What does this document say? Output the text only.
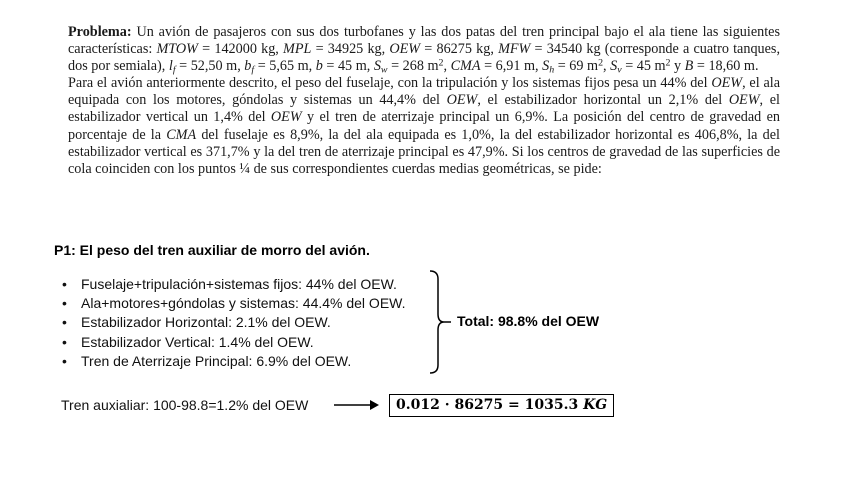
Problema: Un avión de pasajeros con sus dos turbofanes y las dos patas del tren principal bajo el ala tiene las siguientes características: MTOW = 142000 kg, MPL = 34925 kg, OEW = 86275 kg, MFW = 34540 kg (corresponde a cuatro tanques, dos por semiala), $l_f = 52,50$ m, $b_f = 5,65$ m, b = 45 m, $S_w = 268$ $m^2$, CMA = 6,91 m, $S_h = 69$ $m^2$, $S_v = 45$ $m^2$ y B = 18,60 m.

Para el avión anteriormente descrito, el peso del fuselaje, con la tripulación y los sistemas fijos pesa un 44% del OEW, el ala equipada con los motores, góndolas y sistemas un 44,4% del OEW, el estabilizador horizontal un 2,1% del OEW, el estabilizador vertical un 1,4% del OEW y el tren de aterrizaje principal un 6,9%. La posición del centro de gravedad en porcentaje de la CMA del fuselaje es 8,9%, la del ala equipada es 1,0%, la del estabilizador horizontal es 406,8%, la del estabilizador vertical es 371,7% y la del tren de aterrizaje principal es 47,9%. Si los centros de gravedad de las superficies de cola coinciden con los puntos ¼ de sus correspondientes cuerdas medias geométricas, se pide:

P1: El peso del tren auxiliar de morro del avión.
• Fuselaje+tripulación+sistemas fijos: 44% del OEW.
• Ala+motores+góndolas y sistemas: 44.4% del OEW.
• Estabilizador Horizontal: 2.1% del OEW.
• Estabilizador Vertical: 1.4% del OEW.
• Tren de Aterrizaje Principal: 6.9% del OEW.
Total: 98.8% del OEW
Tren auxialiar: 100-98.8=1.2% del OEW	0.012 · 86275 = 1035.3 KG
